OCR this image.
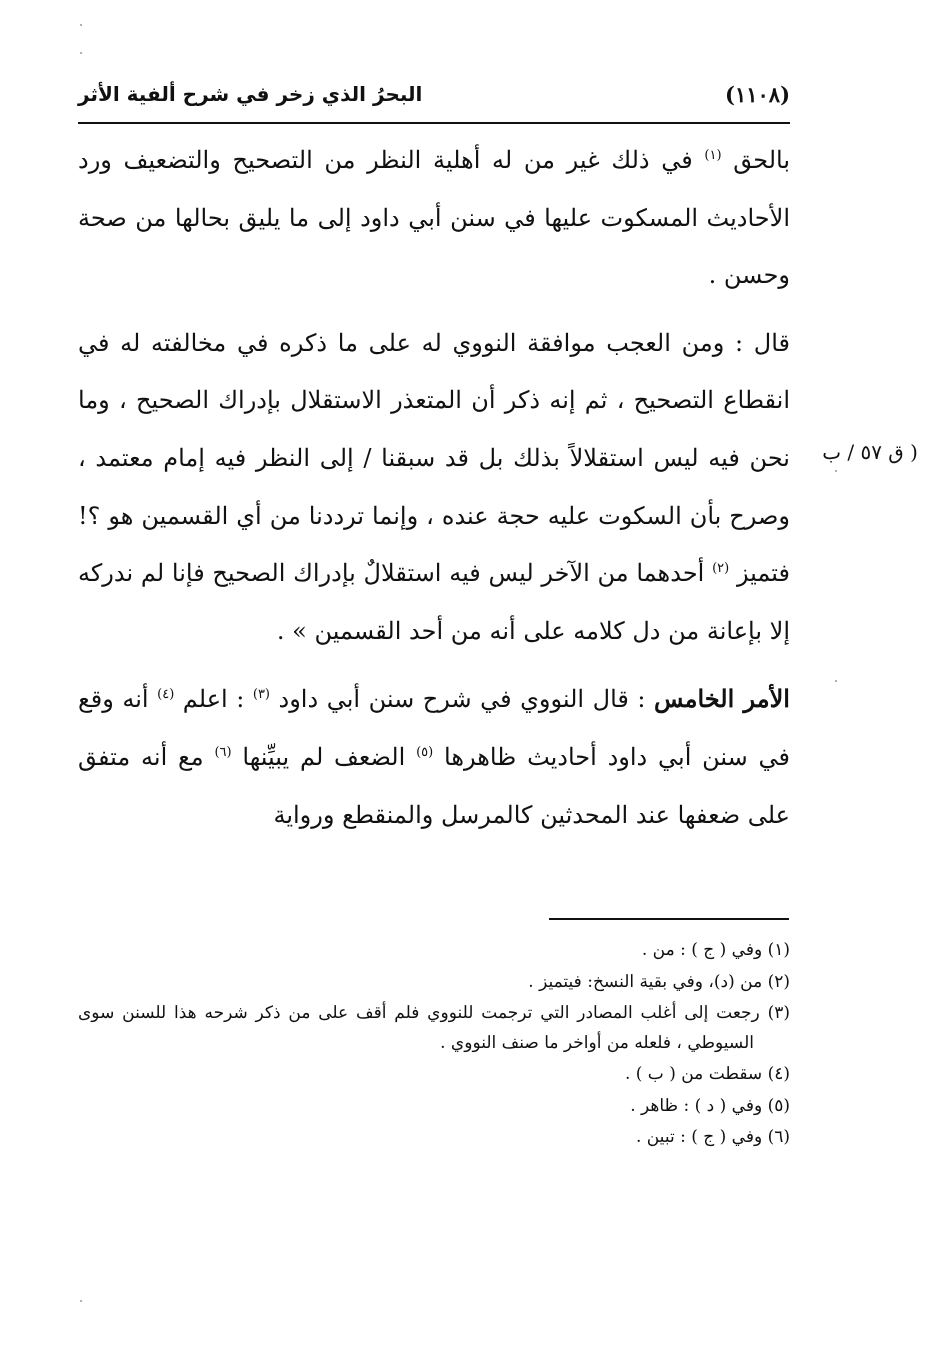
(١١٠٨)
البحرُ الذي زخر في شرح ألفية الأثر

بالحق $^{(١)}$ في ذلك غير من له أهلية النظر من التصحيح والتضعيف ورد الأحاديث المسكوت عليها في سنن أبي داود إلى ما يليق بحالها من صحة وحسن .

قال : ومن العجب موافقة النووي له على ما ذكره في مخالفته له في انقطاع التصحيح ، ثم إنه ذكر أن المتعذر الاستقلال بإدراك الصحيح ، وما نحن فيه ليس استقلالاً بذلك بل قد سبقنا / إلى النظر فيه إمام معتمد ، وصرح بأن السكوت عليه حجة عنده ، وإنما ترددنا من أي القسمين هو ؟! فتميز $^{(٢)}$ أحدهما من الآخر ليس فيه استقلالٌ بإدراك الصحيح فإنا لم ندركه إلا بإعانة من دل كلامه على أنه من أحد القسمين » .

الأمر الخامس : قال النووي في شرح سنن أبي داود $^{(٣)}$ : اعلم $^{(٤)}$ أنه وقع في سنن أبي داود أحاديث ظاهرها $^{(٥)}$ الضعف لم يبيِّنها $^{(٦)}$ مع أنه متفق على ضعفها عند المحدثين كالمرسل والمنقطع ورواية

( ق ٥٧ / ب

(١) وفي ( ج ) : من .

(٢) من (د)، وفي بقية النسخ: فيتميز .

(٣) رجعت إلى أغلب المصادر التي ترجمت للنووي فلم أقف على من ذكر شرحه هذا للسنن سوى السيوطي ، فلعله من أواخر ما صنف النووي .

(٤) سقطت من ( ب ) .

(٥) وفي ( د ) : ظاهر .

(٦) وفي ( ج ) : تبين .
